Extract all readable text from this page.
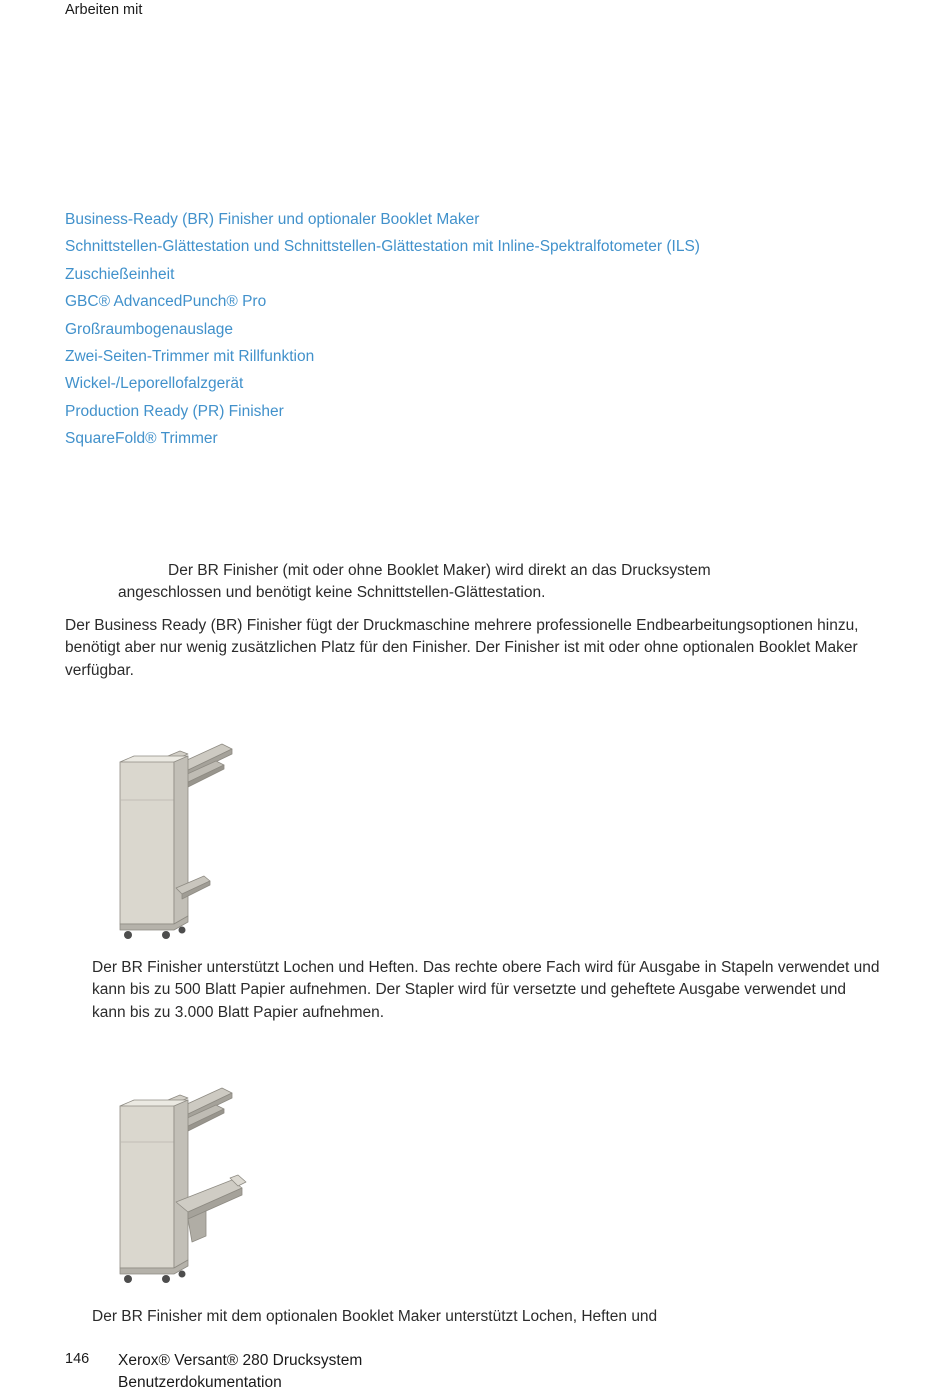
Arbeiten mit
Business-Ready (BR) Finisher und optionaler Booklet Maker
Schnittstellen-Glättestation und Schnittstellen-Glättestation mit Inline-Spektralfotometer (ILS)
Zuschießeinheit
GBC® AdvancedPunch® Pro
Großraumbogenauslage
Zwei-Seiten-Trimmer mit Rillfunktion
Wickel-/Leporellofalzgerät
Production Ready (PR) Finisher
SquareFold® Trimmer
Der BR Finisher (mit oder ohne Booklet Maker) wird direkt an das Drucksystem angeschlossen und benötigt keine Schnittstellen-Glättestation.

Der Business Ready (BR) Finisher fügt der Druckmaschine mehrere professionelle Endbearbeitungsoptionen hinzu, benötigt aber nur wenig zusätzlichen Platz für den Finisher. Der Finisher ist mit oder ohne optionalen Booklet Maker verfügbar.

Der BR Finisher unterstützt Lochen und Heften. Das rechte obere Fach wird für Ausgabe in Stapeln verwendet und kann bis zu 500 Blatt Papier aufnehmen. Der Stapler wird für versetzte und geheftete Ausgabe verwendet und kann bis zu 3.000 Blatt Papier aufnehmen.

Der BR Finisher mit dem optionalen Booklet Maker unterstützt Lochen, Heften und

146 Xerox® Versant® 280 Drucksystem
Benutzerdokumentation
